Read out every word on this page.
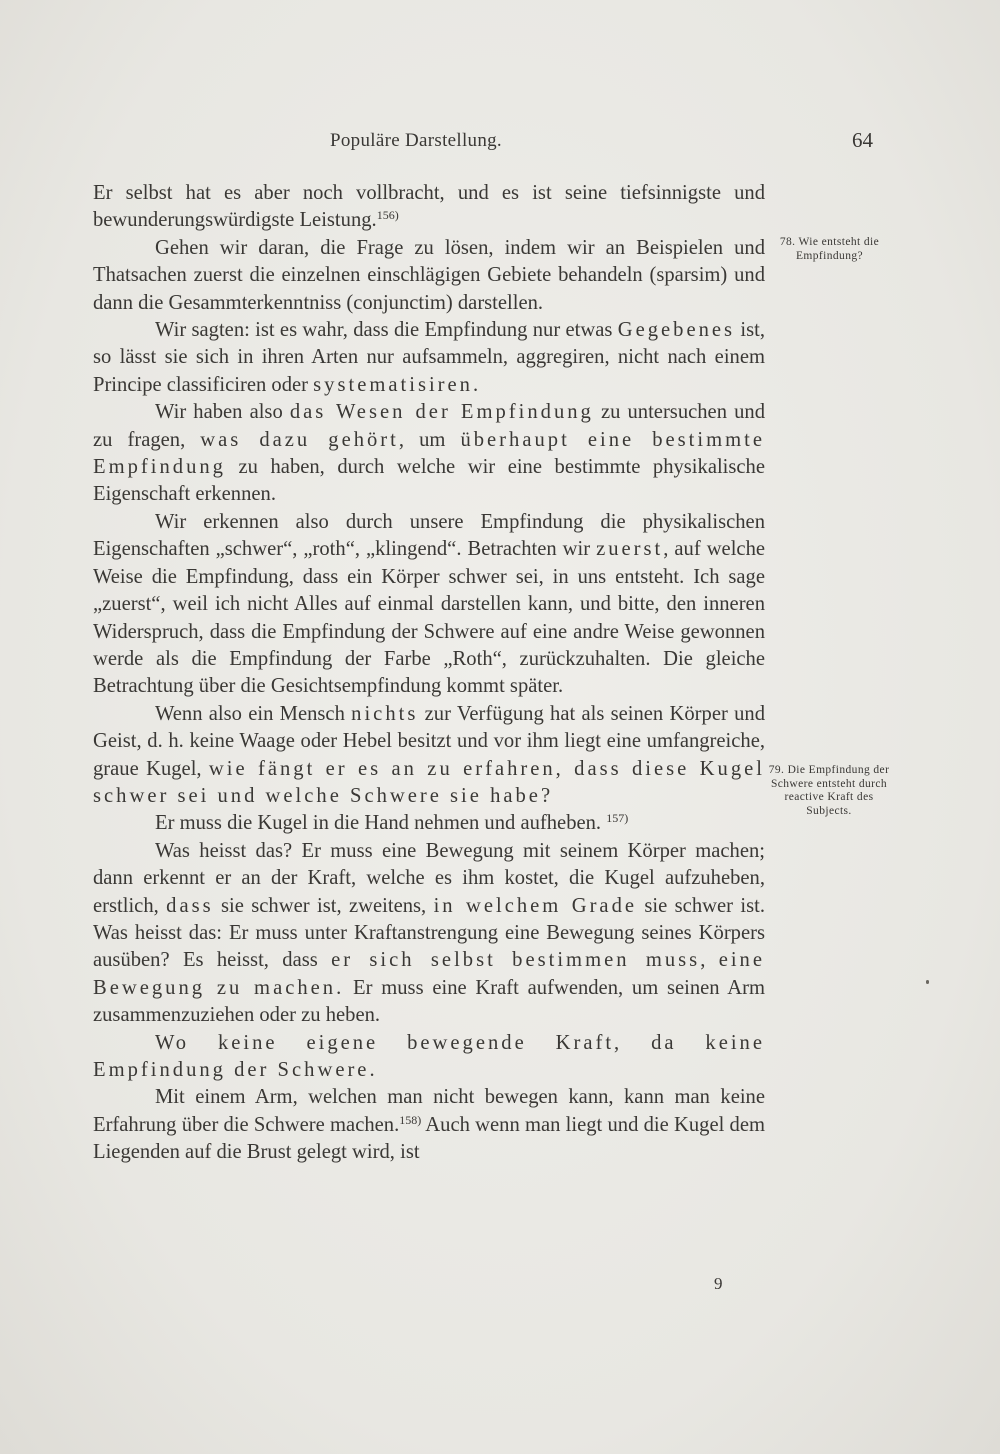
Populäre Darstellung.	64
78. Wie entsteht die Empfindung?
79. Die Empfindung der Schwere entsteht durch reactive Kraft des Subjects.

Er selbst hat es aber noch vollbracht, und es ist seine tiefsinnigste und bewunderungswürdigste Leistung.$^{156)}$

Gehen wir daran, die Frage zu lösen, indem wir an Beispielen und Thatsachen zuerst die einzelnen einschlägigen Gebiete behandeln (sparsim) und dann die Gesammterkenntniss (conjunctim) darstellen.

Wir sagten: ist es wahr, dass die Empfindung nur etwas Gegebenes ist, so lässt sie sich in ihren Arten nur aufsammeln, aggregiren, nicht nach einem Principe classificiren oder systematisiren.

Wir haben also das Wesen der Empfindung zu untersuchen und zu fragen, was dazu gehört, um überhaupt eine bestimmte Empfindung zu haben, durch welche wir eine bestimmte physikalische Eigenschaft erkennen.

Wir erkennen also durch unsere Empfindung die physikalischen Eigenschaften „schwer“, „roth“, „klingend“. Betrachten wir zuerst, auf welche Weise die Empfindung, dass ein Körper schwer sei, in uns entsteht. Ich sage „zuerst“, weil ich nicht Alles auf einmal darstellen kann, und bitte, den inneren Widerspruch, dass die Empfindung der Schwere auf eine andre Weise gewonnen werde als die Empfindung der Farbe „Roth“, zurückzuhalten. Die gleiche Betrachtung über die Gesichtsempfindung kommt später.

Wenn also ein Mensch nichts zur Verfügung hat als seinen Körper und Geist, d. h. keine Waage oder Hebel besitzt und vor ihm liegt eine umfangreiche, graue Kugel, wie fängt er es an zu erfahren, dass diese Kugel schwer sei und welche Schwere sie habe?

Er muss die Kugel in die Hand nehmen und aufheben. $^{157)}$

Was heisst das? Er muss eine Bewegung mit seinem Körper machen; dann erkennt er an der Kraft, welche es ihm kostet, die Kugel aufzuheben, erstlich, dass sie schwer ist, zweitens, in welchem Grade sie schwer ist. Was heisst das: Er muss unter Kraftanstrengung eine Bewegung seines Körpers ausüben? Es heisst, dass er sich selbst bestimmen muss, eine Bewegung zu machen. Er muss eine Kraft aufwenden, um seinen Arm zusammenzuziehen oder zu heben.

Wo keine eigene bewegende Kraft, da keine Empfindung der Schwere.

Mit einem Arm, welchen man nicht bewegen kann, kann man keine Erfahrung über die Schwere machen.$^{158)}$ Auch wenn man liegt und die Kugel dem Liegenden auf die Brust gelegt wird, ist

9
